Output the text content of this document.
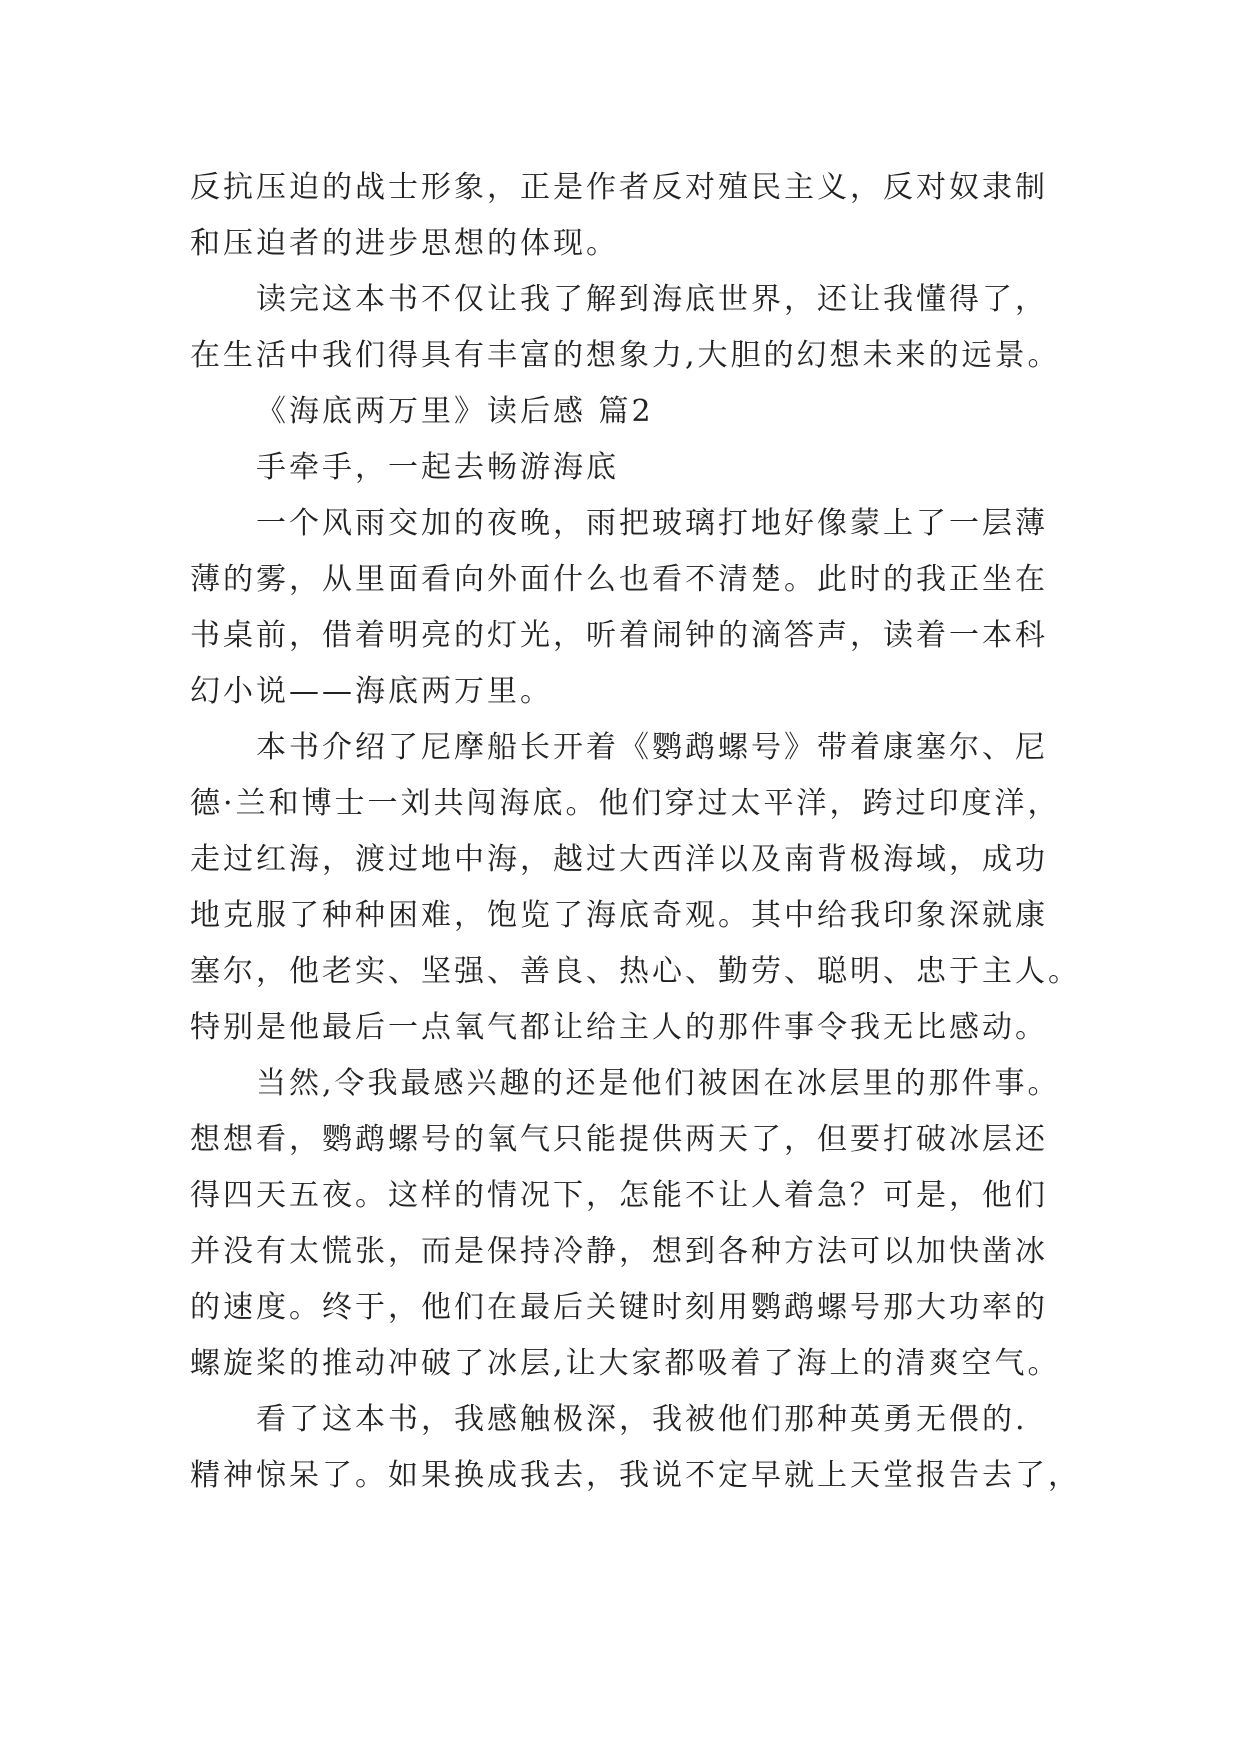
反抗压迫的战士形象，正是作者反对殖民主义，反对奴隶制
和压迫者的进步思想的体现。
读完这本书不仅让我了解到海底世界，还让我懂得了，
在生活中我们得具有丰富的想象力,大胆的幻想未来的远景。
《海底两万里》读后感 篇2
手牵手，一起去畅游海底
一个风雨交加的夜晚，雨把玻璃打地好像蒙上了一层薄
薄的雾，从里面看向外面什么也看不清楚。此时的我正坐在
书桌前，借着明亮的灯光，听着闹钟的滴答声，读着一本科
幻小说——海底两万里。
本书介绍了尼摩船长开着《鹦鹉螺号》带着康塞尔、尼
德·兰和博士一刘共闯海底。他们穿过太平洋，跨过印度洋，
走过红海，渡过地中海，越过大西洋以及南背极海域，成功
地克服了种种困难，饱览了海底奇观。其中给我印象深就康
塞尔，他老实、坚强、善良、热心、勤劳、聪明、忠于主人。
特别是他最后一点氧气都让给主人的那件事令我无比感动。
当然,令我最感兴趣的还是他们被困在冰层里的那件事。
想想看，鹦鹉螺号的氧气只能提供两天了，但要打破冰层还
得四天五夜。这样的情况下，怎能不让人着急？可是，他们
并没有太慌张，而是保持冷静，想到各种方法可以加快凿冰
的速度。终于，他们在最后关键时刻用鹦鹉螺号那大功率的
螺旋桨的推动冲破了冰层,让大家都吸着了海上的清爽空气。
看了这本书，我感触极深，我被他们那种英勇无偎的.
精神惊呆了。如果换成我去，我说不定早就上天堂报告去了，
